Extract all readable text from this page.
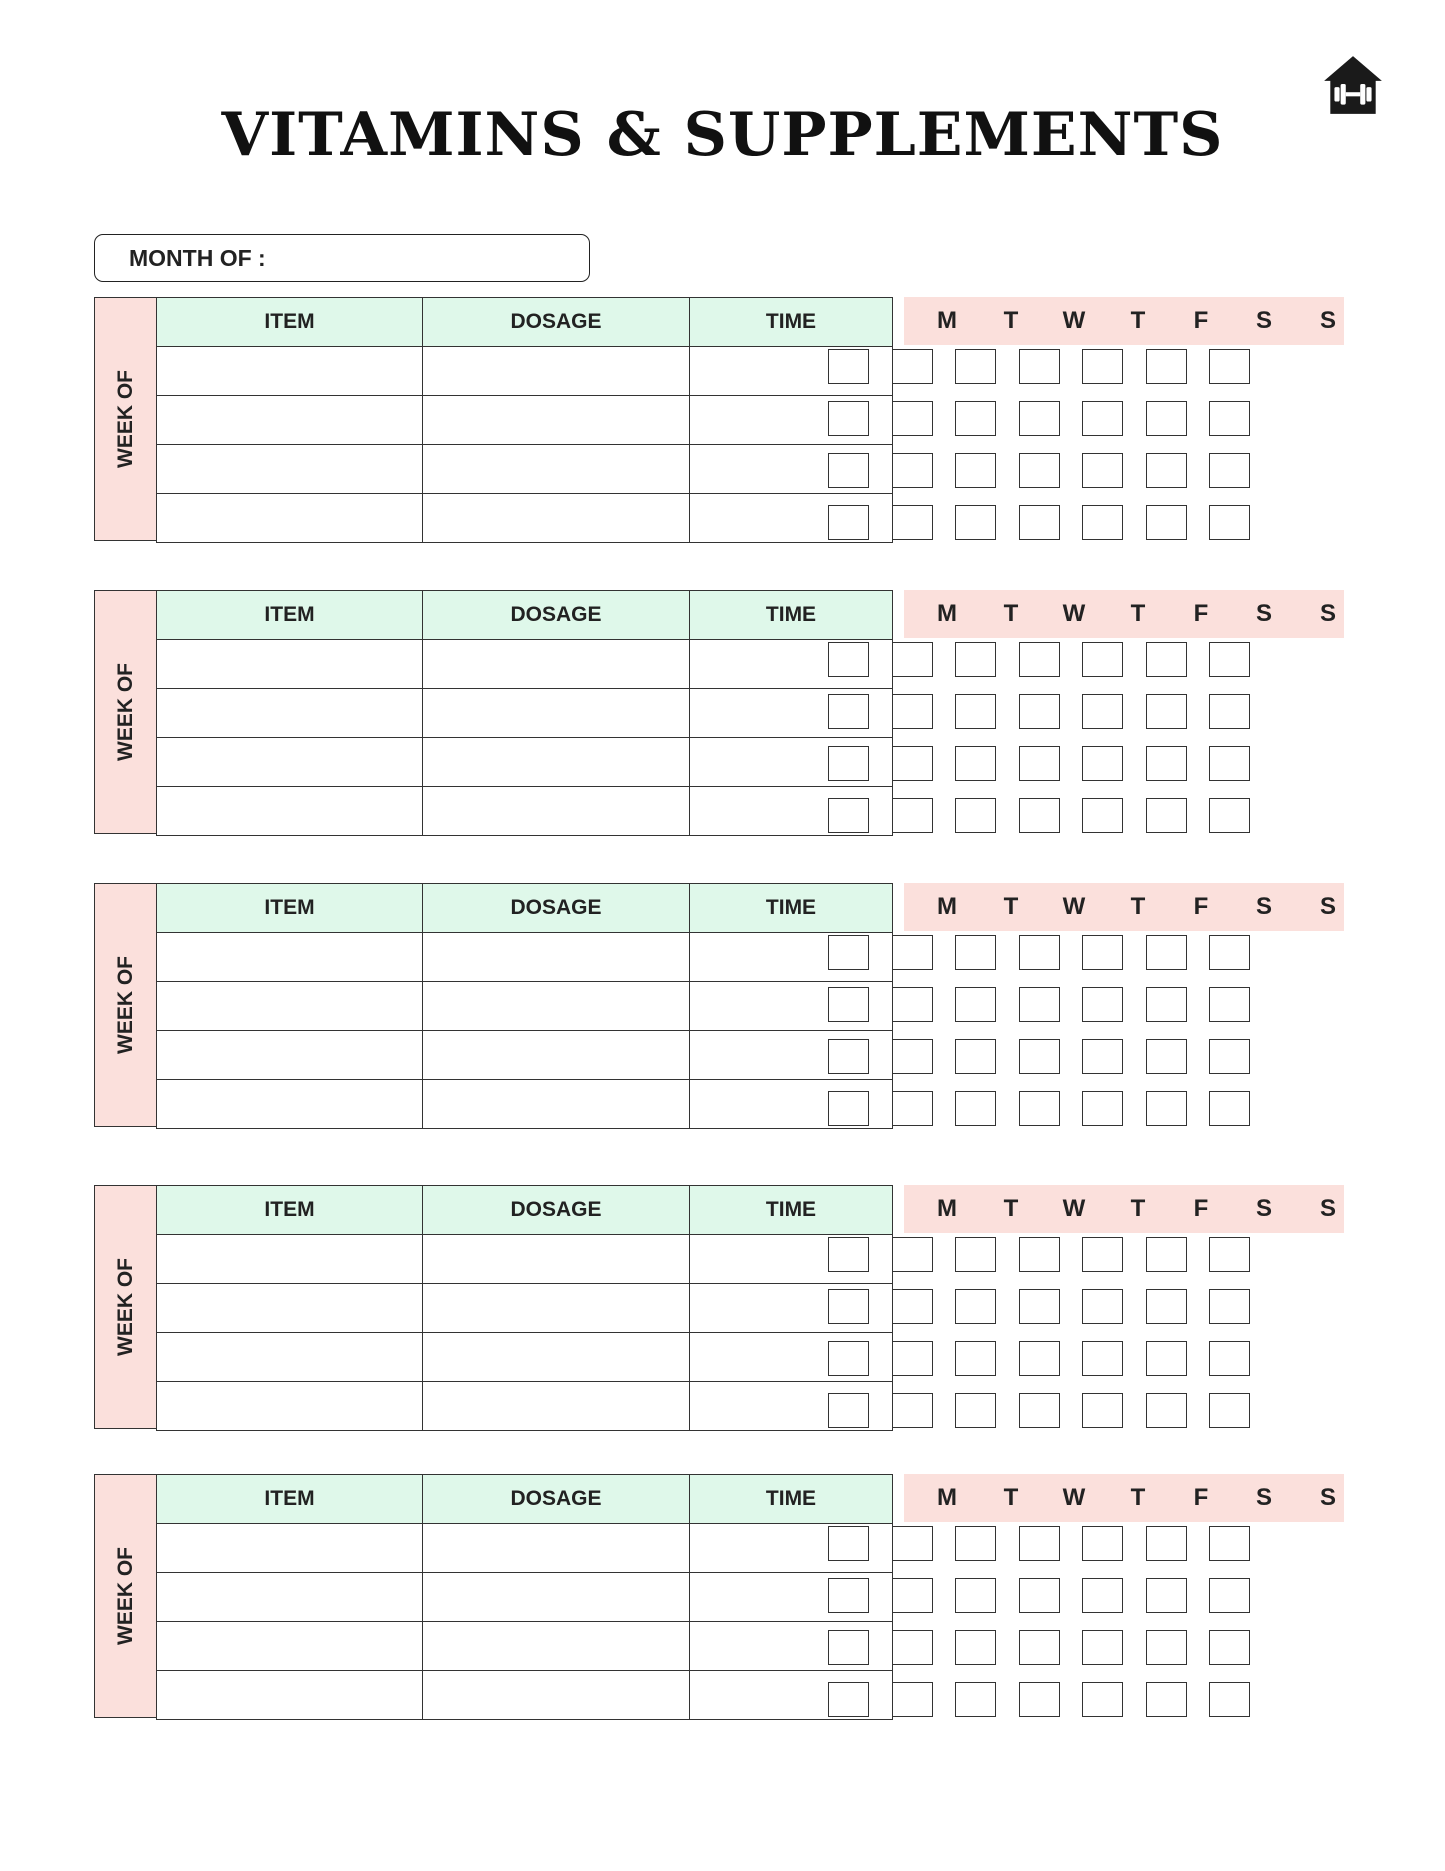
VITAMINS & SUPPLEMENTS
MONTH OF :
WEEK OF
ITEM	DOSAGE	TIME

			M T W T F S S
WEEK OF
ITEM	DOSAGE	TIME

			M T W T F S S
WEEK OF
ITEM	DOSAGE	TIME

			M T W T F S S
WEEK OF
ITEM	DOSAGE	TIME

			M T W T F S S
WEEK OF
ITEM	DOSAGE	TIME

			M T W T F S S
